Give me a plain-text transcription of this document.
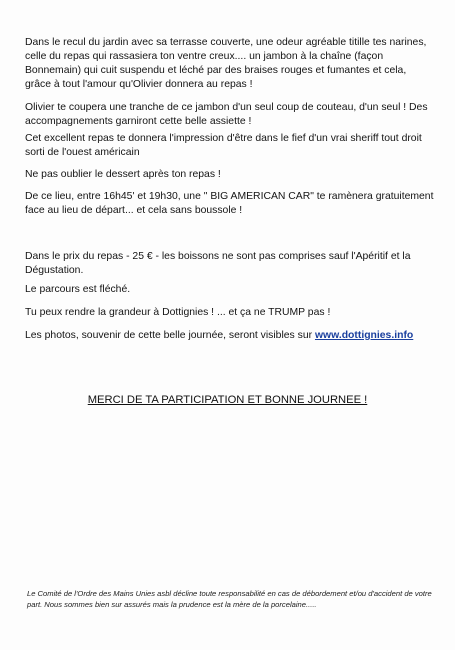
Dans le recul du jardin avec sa terrasse couverte, une odeur agréable titille tes narines, celle du repas qui rassasiera ton ventre creux.... un jambon à la chaîne (façon Bonnemain) qui cuit suspendu et léché par des braises rouges et fumantes et cela, grâce à tout l'amour qu'Olivier donnera au repas !

Olivier te coupera une tranche de ce jambon d'un seul coup de couteau, d'un seul ! Des accompagnements garniront cette belle assiette !

Cet excellent repas te donnera l'impression d'être dans le fief d'un vrai sheriff tout droit sorti de l'ouest américain

Ne pas oublier le dessert après ton repas !

De ce lieu, entre 16h45' et 19h30, une " BIG AMERICAN CAR" te ramènera gratuitement face au lieu de départ... et cela sans boussole !

Dans le prix du repas - 25 € - les boissons ne sont pas comprises sauf l'Apéritif et la Dégustation.

Le parcours est fléché.

Tu peux rendre la grandeur à Dottignies ! ... et ça ne TRUMP pas !

Les photos, souvenir de cette belle journée, seront visibles sur www.dottignies.info

MERCI DE TA PARTICIPATION ET BONNE JOURNEE !

Le Comité de l'Ordre des Mains Unies asbl décline toute responsabilité en cas de débordement et/ou d'accident de votre part. Nous sommes bien sur assurés mais la prudence est la mère de la porcelaine.....
